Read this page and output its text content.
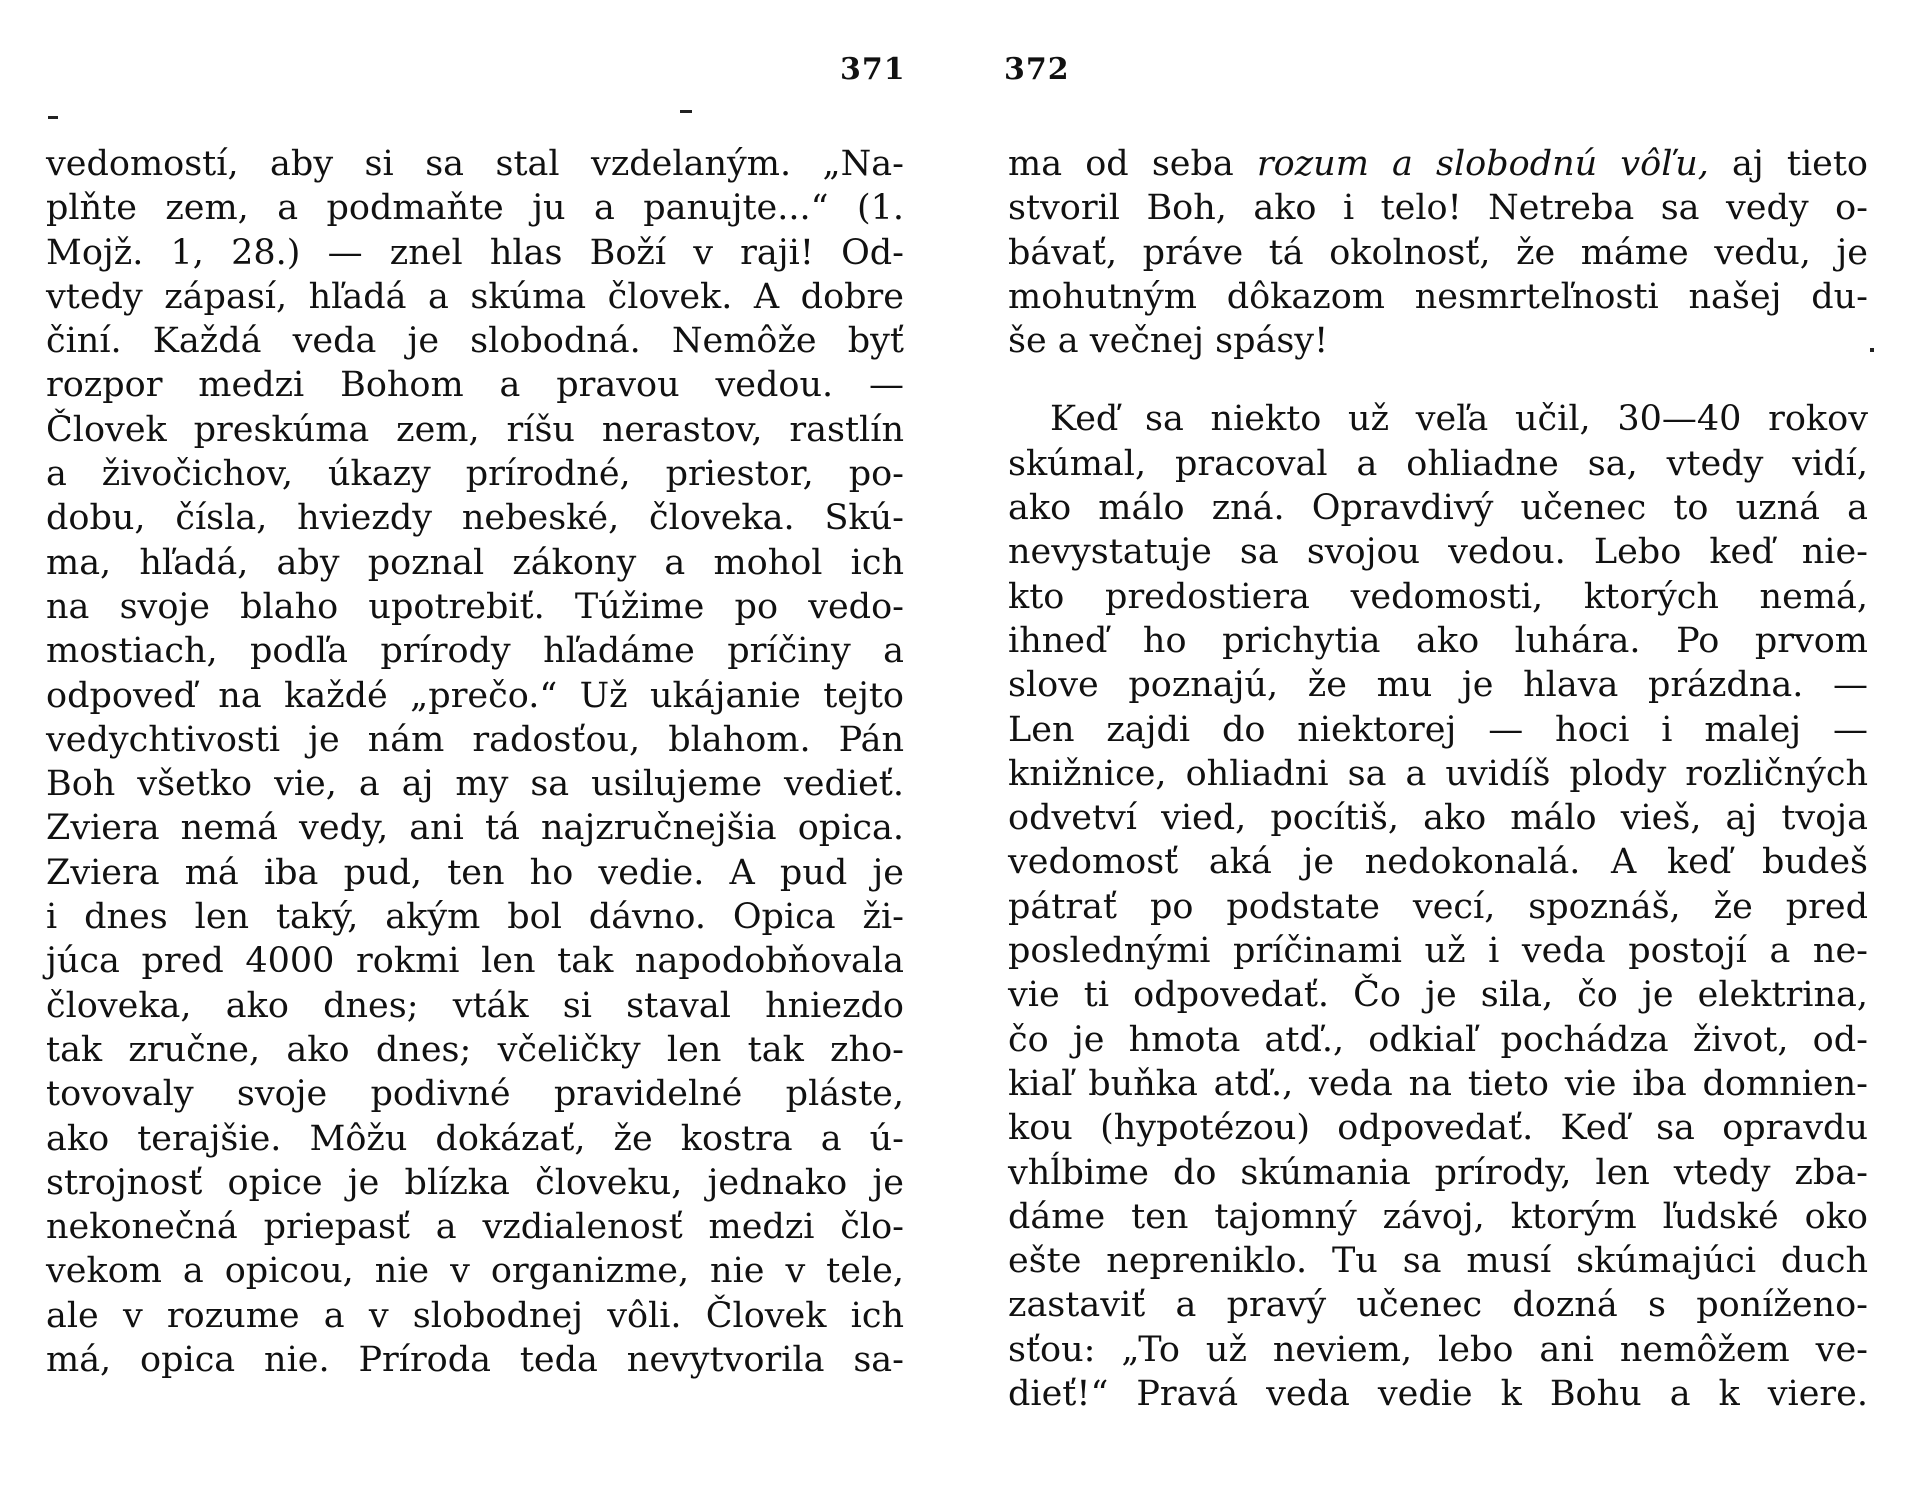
371	372
vedomostí, aby si sa stal vzdelaným. „Na-
plňte zem, a podmaňte ju a panujte...“ (1.
Mojž. 1, 28.) — znel hlas Boží v raji! Od-
vtedy zápasí, hľadá a skúma človek. A dobre
činí. Každá veda je slobodná. Nemôže byť
rozpor medzi Bohom a pravou vedou. —
Človek preskúma zem, ríšu nerastov, rastlín
a živočichov, úkazy prírodné, priestor, po-
dobu, čísla, hviezdy nebeské, človeka. Skú-
ma, hľadá, aby poznal zákony a mohol ich
na svoje blaho upotrebiť. Túžime po vedo-
mostiach, podľa prírody hľadáme príčiny a
odpoveď na každé „prečo.“ Už ukájanie tejto
vedychtivosti je nám radosťou, blahom. Pán
Boh všetko vie, a aj my sa usilujeme vedieť.
Zviera nemá vedy, ani tá najzručnejšia opica.
Zviera má iba pud, ten ho vedie. A pud je
i dnes len taký, akým bol dávno. Opica ži-
júca pred 4000 rokmi len tak napodobňovala
človeka, ako dnes; vták si staval hniezdo
tak zručne, ako dnes; včeličky len tak zho-
tovovaly svoje podivné pravidelné pláste,
ako terajšie. Môžu dokázať, že kostra a ú-
strojnosť opice je blízka človeku, jednako je
nekonečná priepasť a vzdialenosť medzi člo-
vekom a opicou, nie v organizme, nie v tele,
ale v rozume a v slobodnej vôli. Človek ich
má, opica nie. Príroda teda nevytvorila sa-
ma od seba rozum a slobodnú vôľu, aj tieto
stvoril Boh, ako i telo! Netreba sa vedy o-
bávať, práve tá okolnosť, že máme vedu, je
mohutným dôkazom nesmrteľnosti našej du-
še a večnej spásy!
Keď sa niekto už veľa učil, 30—40 rokov
skúmal, pracoval a ohliadne sa, vtedy vidí,
ako málo zná. Opravdivý učenec to uzná a
nevystatuje sa svojou vedou. Lebo keď nie-
kto predostiera vedomosti, ktorých nemá,
ihneď ho prichytia ako luhára. Po prvom
slove poznajú, že mu je hlava prázdna. —
Len zajdi do niektorej — hoci i malej —
knižnice, ohliadni sa a uvidíš plody rozličných
odvetví vied, pocítiš, ako málo vieš, aj tvoja
vedomosť aká je nedokonalá. A keď budeš
pátrať po podstate vecí, spoznáš, že pred
poslednými príčinami už i veda postojí a ne-
vie ti odpovedať. Čo je sila, čo je elektrina,
čo je hmota atď., odkiaľ pochádza život, od-
kiaľ buňka atď., veda na tieto vie iba domnien-
kou (hypotézou) odpovedať. Keď sa opravdu
vhĺbime do skúmania prírody, len vtedy zba-
dáme ten tajomný závoj, ktorým ľudské oko
ešte nepreniklo. Tu sa musí skúmajúci duch
zastaviť a pravý učenec dozná s poníženo-
sťou: „To už neviem, lebo ani nemôžem ve-
dieť!“ Pravá veda vedie k Bohu a k viere.
